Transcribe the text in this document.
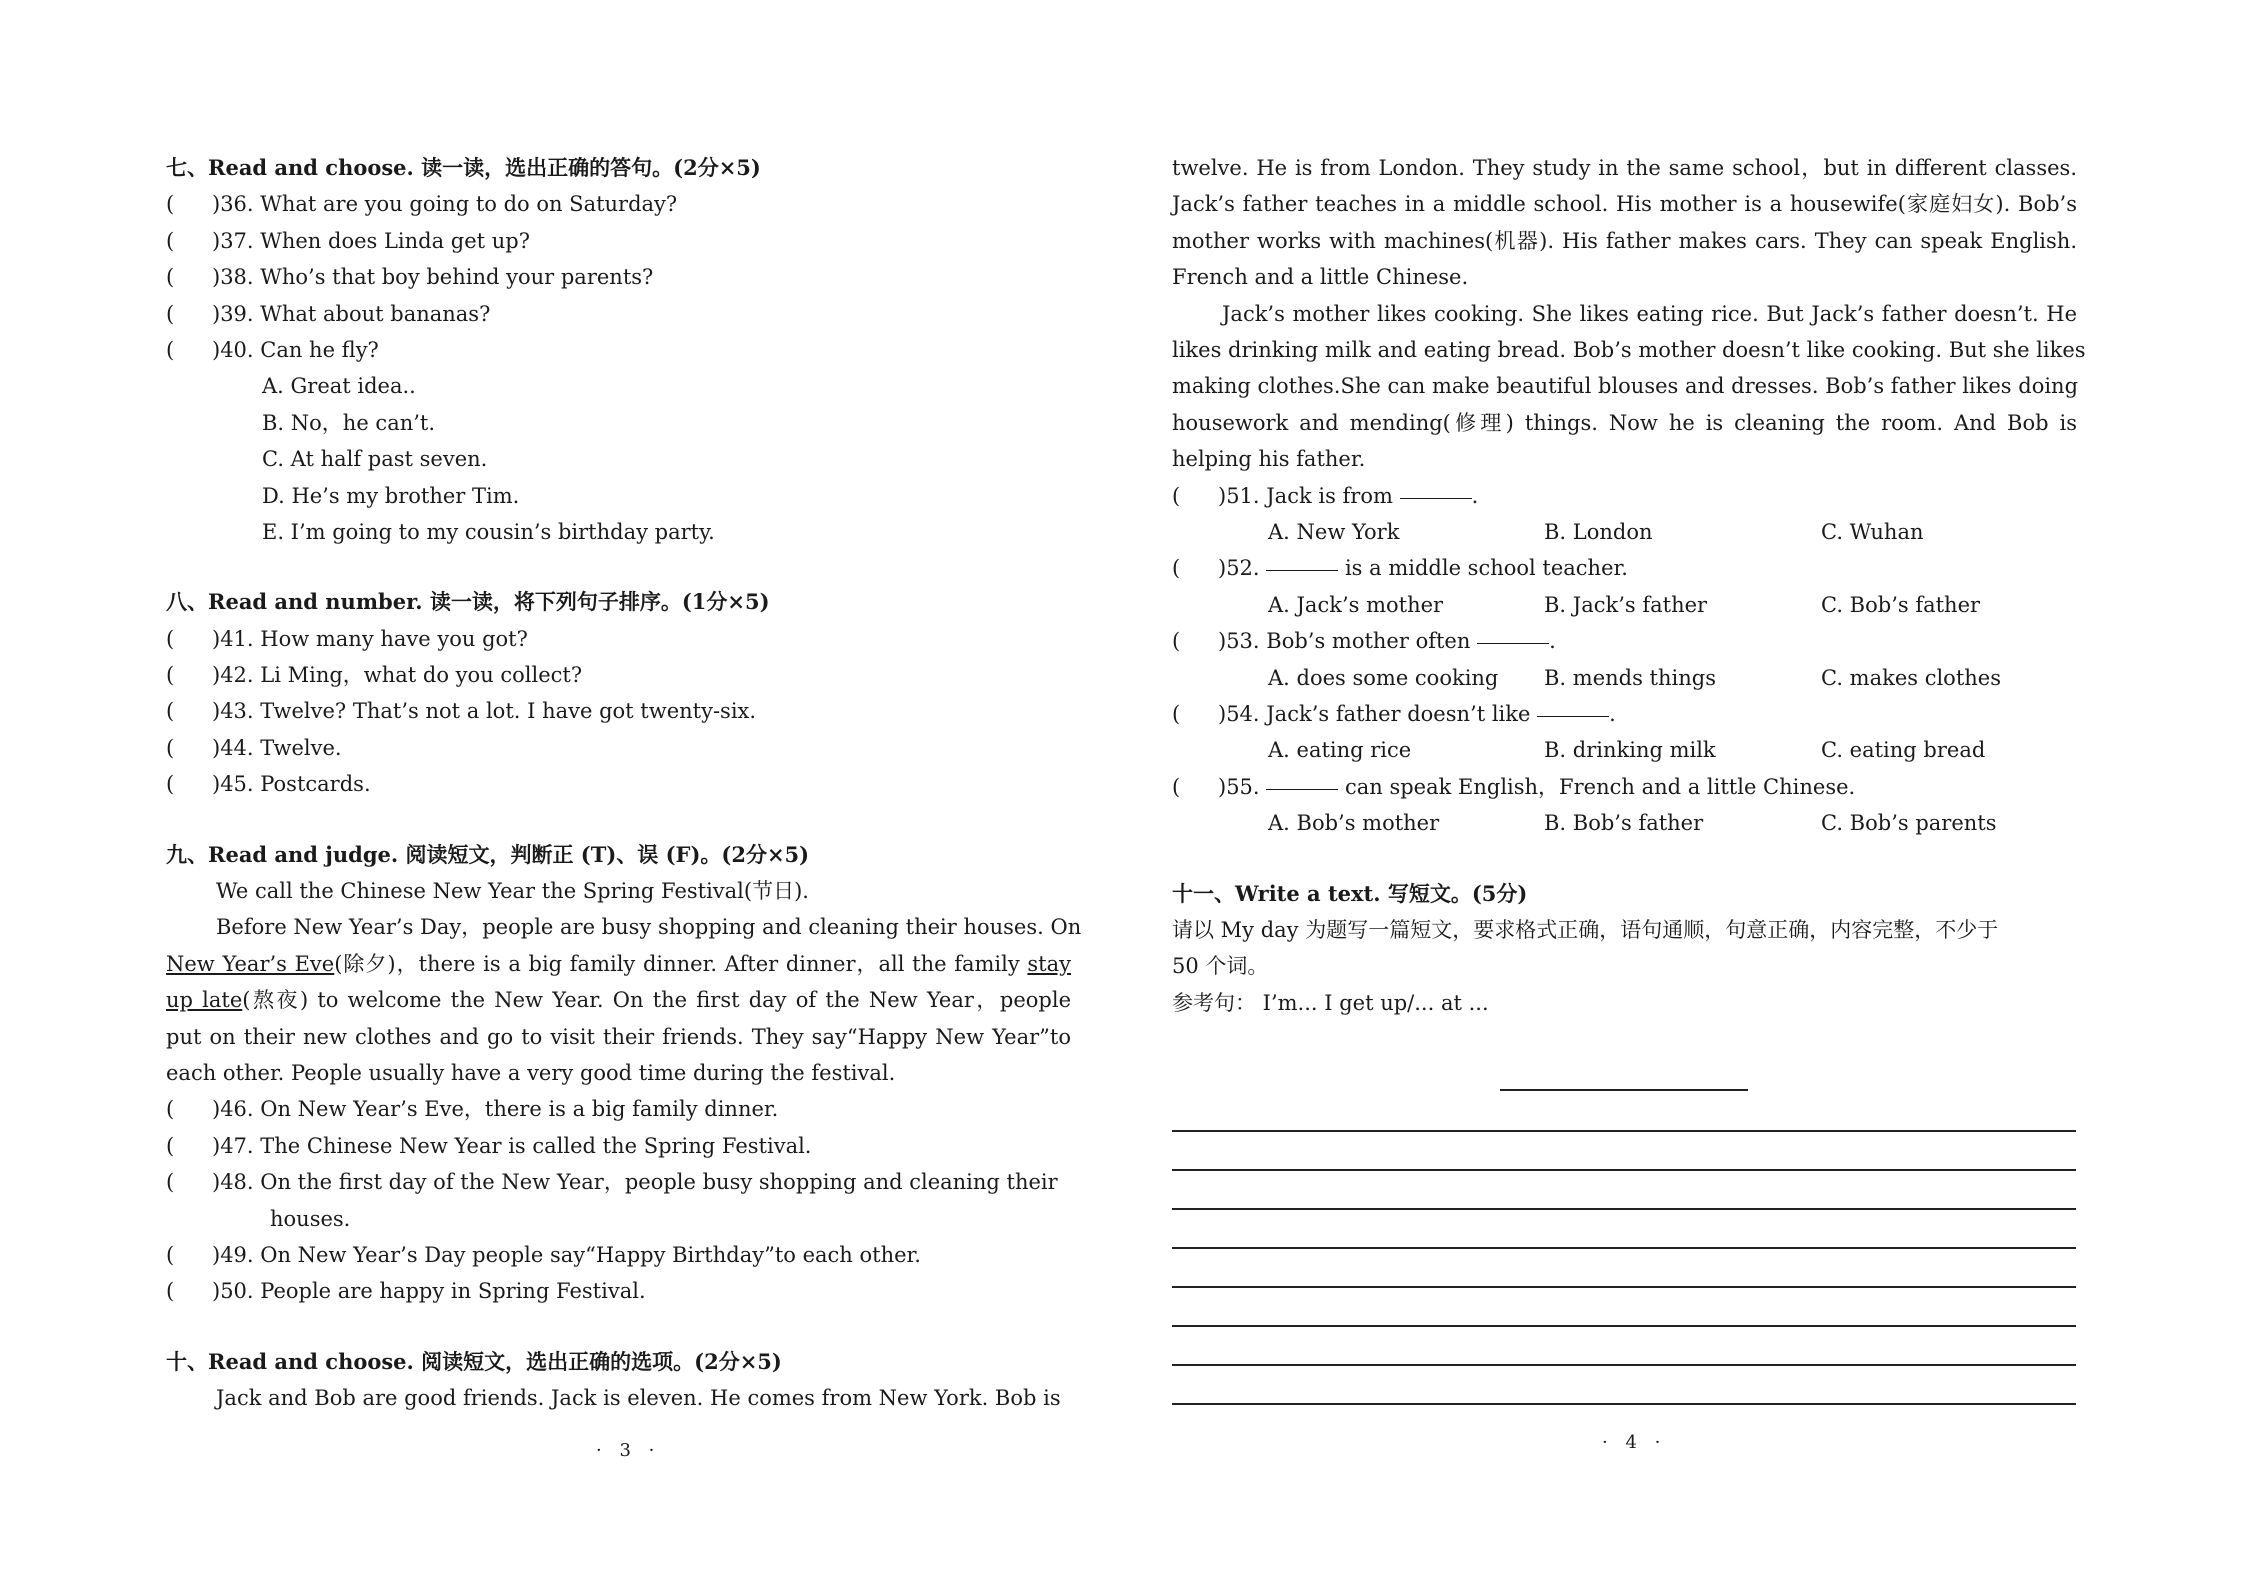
七、Read and choose. 读一读，选出正确的答句。(2分×5)
(	)36. What are you going to do on Saturday?
(	)37. When does Linda get up?
(	)38. Who’s that boy behind your parents?
(	)39. What about bananas?
(	)40. Can he fly?
A. Great idea..
B. No，he can’t.
C. At half past seven.
D. He’s my brother Tim.
E. I’m going to my cousin’s birthday party.
八、Read and number. 读一读，将下列句子排序。(1分×5)
(	)41. How many have you got?
(	)42. Li Ming，what do you collect?
(	)43. Twelve? That’s not a lot. I have got twenty-six.
(	)44. Twelve.
(	)45. Postcards.
九、Read and judge. 阅读短文，判断正 (T)、误 (F)。(2分×5)
We call the Chinese New Year the Spring Festival(节日).
Before New Year’s Day，people are busy shopping and cleaning their houses. On
New Year’s Eve(除夕)，there is a big family dinner. After dinner，all the family stay
up late(熬夜) to welcome the New Year. On the first day of the New Year，people
put on their new clothes and go to visit their friends. They say“Happy New Year”to
each other. People usually have a very good time during the festival.
(	)46. On New Year’s Eve，there is a big family dinner.
(	)47. The Chinese New Year is called the Spring Festival.
(	)48. On the first day of the New Year，people busy shopping and cleaning their
houses.
(	)49. On New Year’s Day people say“Happy Birthday”to each other.
(	)50. People are happy in Spring Festival.
十、Read and choose. 阅读短文，选出正确的选项。(2分×5)
Jack and Bob are good friends. Jack is eleven. He comes from New York. Bob is
· 3 ·
twelve. He is from London. They study in the same school，but in different classes.
Jack’s father teaches in a middle school. His mother is a housewife(家庭妇女). Bob’s
mother works with machines(机器). His father makes cars. They can speak English.
French and a little Chinese.
Jack’s mother likes cooking. She likes eating rice. But Jack’s father doesn’t. He
likes drinking milk and eating bread. Bob’s mother doesn’t like cooking. But she likes
making clothes.She can make beautiful blouses and dresses. Bob’s father likes doing
housework and mending(修理) things. Now he is cleaning the room. And Bob is
helping his father.
(	)51. Jack is from
	.
A. New York	B. London	C. Wuhan
(	)52.

	is a middle school teacher.
A. Jack’s mother	B. Jack’s father	C. Bob’s father
(	)53. Bob’s mother often
	.
A. does some cooking	B. mends things	C. makes clothes
(	)54. Jack’s father doesn’t like
	.
A. eating rice	B. drinking milk	C. eating bread
(	)55.

	can speak English，French and a little Chinese.
A. Bob’s mother	B. Bob’s father	C. Bob’s parents
十一、Write a text. 写短文。(5分)
请以 My day 为题写一篇短文，要求格式正确，语句通顺，句意正确，内容完整，不少于
50 个词。
参考句： I’m... I get up/... at ...
· 4 ·
